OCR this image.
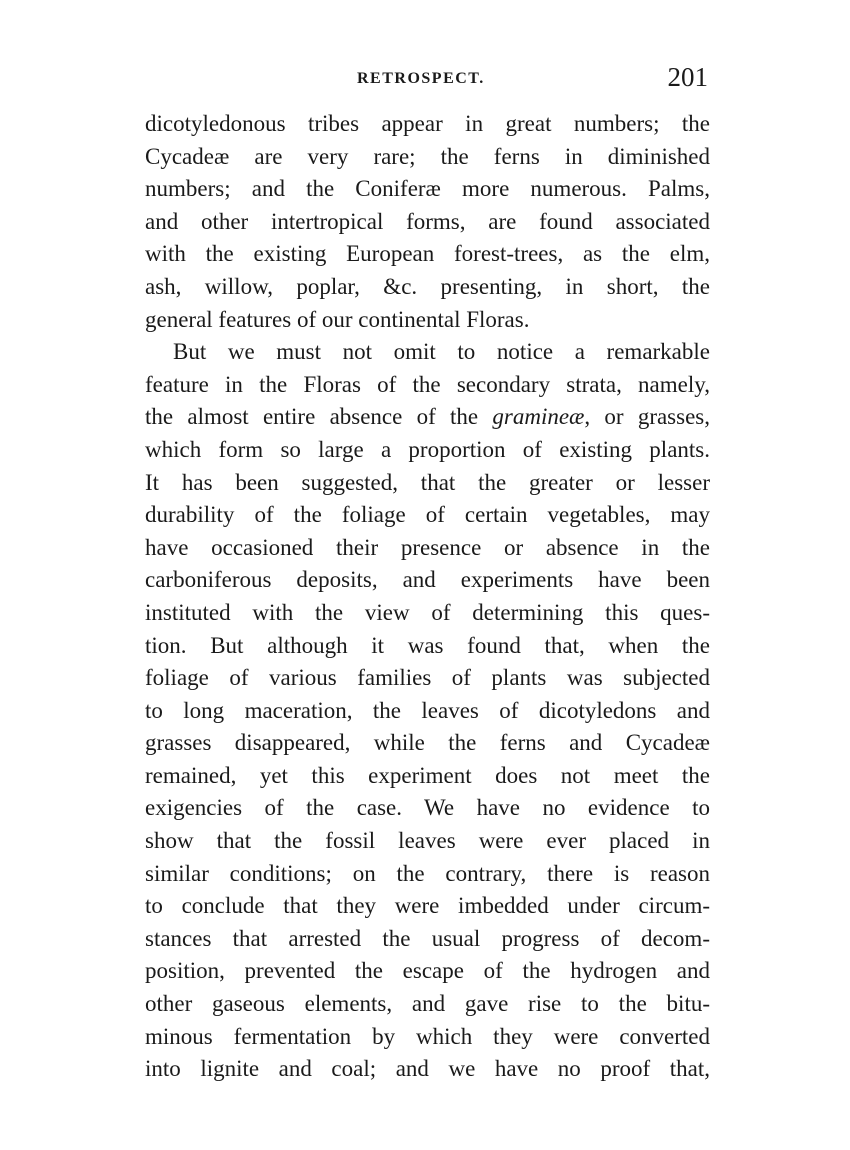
RETROSPECT.	201
dicotyledonous tribes appear in great numbers; the
Cycadeæ are very rare; the ferns in diminished
numbers; and the Coniferæ more numerous. Palms,
and other intertropical forms, are found associated
with the existing European forest-trees, as the elm,
ash, willow, poplar, &c. presenting, in short, the
general features of our continental Floras.
But we must not omit to notice a remarkable
feature in the Floras of the secondary strata, namely,
the almost entire absence of the gramineæ, or grasses,
which form so large a proportion of existing plants.
It has been suggested, that the greater or lesser
durability of the foliage of certain vegetables, may
have occasioned their presence or absence in the
carboniferous deposits, and experiments have been
instituted with the view of determining this ques-
tion. But although it was found that, when the
foliage of various families of plants was subjected
to long maceration, the leaves of dicotyledons and
grasses disappeared, while the ferns and Cycadeæ
remained, yet this experiment does not meet the
exigencies of the case. We have no evidence to
show that the fossil leaves were ever placed in
similar conditions; on the contrary, there is reason
to conclude that they were imbedded under circum-
stances that arrested the usual progress of decom-
position, prevented the escape of the hydrogen and
other gaseous elements, and gave rise to the bitu-
minous fermentation by which they were converted
into lignite and coal; and we have no proof that,
